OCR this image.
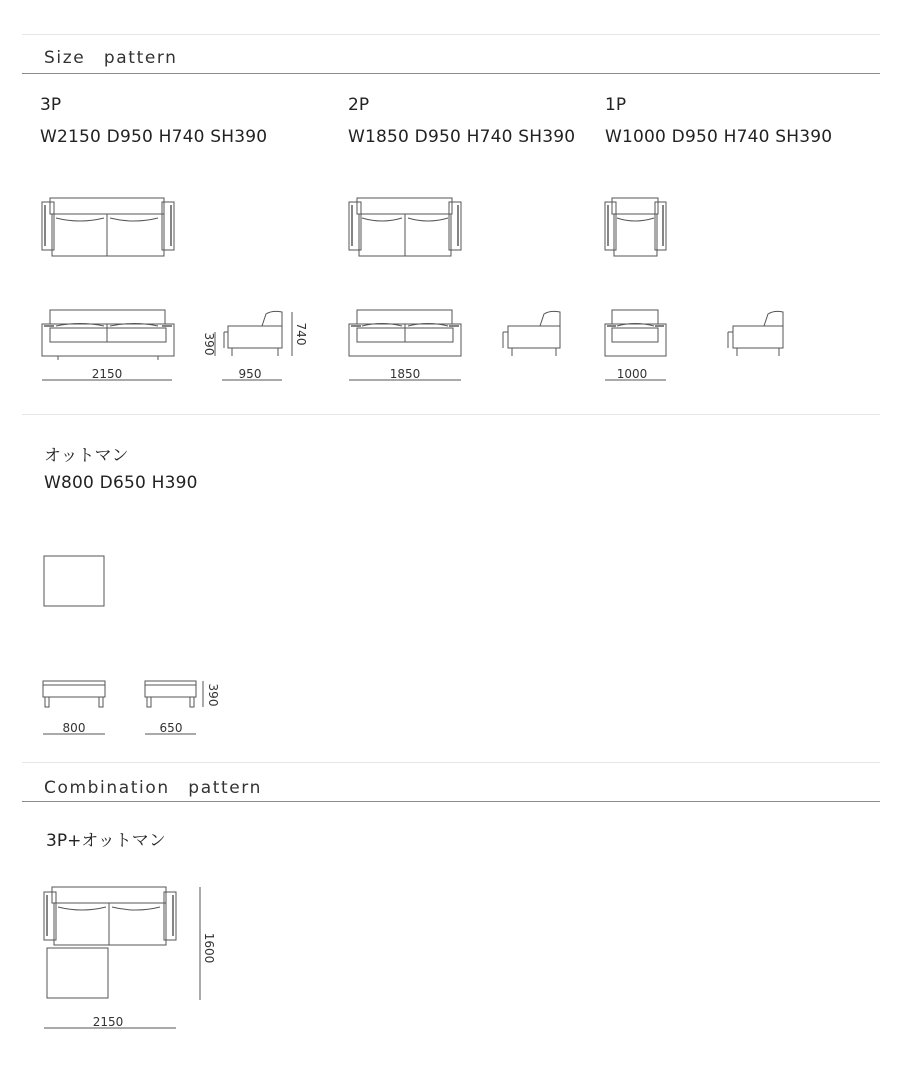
Size　pattern
3P
W2150 D950 H740 SH390
2P
W1850 D950 H740 SH390
1P
W1000 D950 H740 SH390
オットマン
W800 D650 H390
Combination　pattern
3P+オットマン
2150	950
390	740
1850	1000
800	650
390
2150
1600
